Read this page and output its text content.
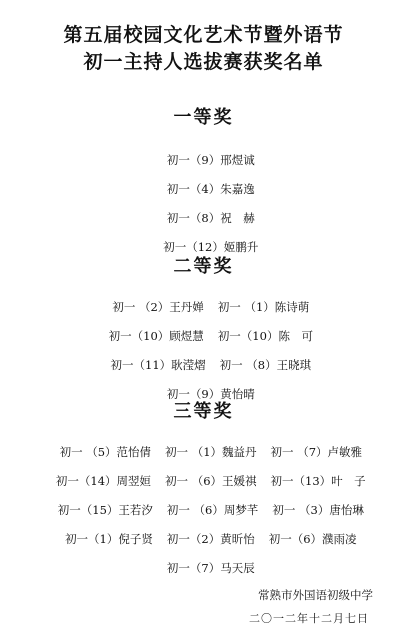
第五届校园文化艺术节暨外语节
初一主持人选拔赛获奖名单
一等奖

初一（9）邢煜诚

初一（4）朱嘉逸

初一（8）祝　赫

初一（12）姬鹏升

二等奖

初一 （2）王丹婵 初一 （1）陈诗萌

初一（10）顾煜慧 初一（10）陈　可

初一（11）耿滢熠 初一 （8）王晓琪

初一（9）黄怡晴

三等奖

初一 （5）范怡倩 初一 （1）魏益丹 初一 （7）卢敏雅

初一（14）周翌姮 初一 （6）王媛祺 初一（13）叶　子

初一（15）王若汐 初一 （6）周梦芊 初一 （3）唐怡琳

初一（1）倪子贤 初一（2）黄昕怡 初一（6）濮雨凌

初一（7）马天辰

常熟市外国语初级中学
二〇一二年十二月七日
